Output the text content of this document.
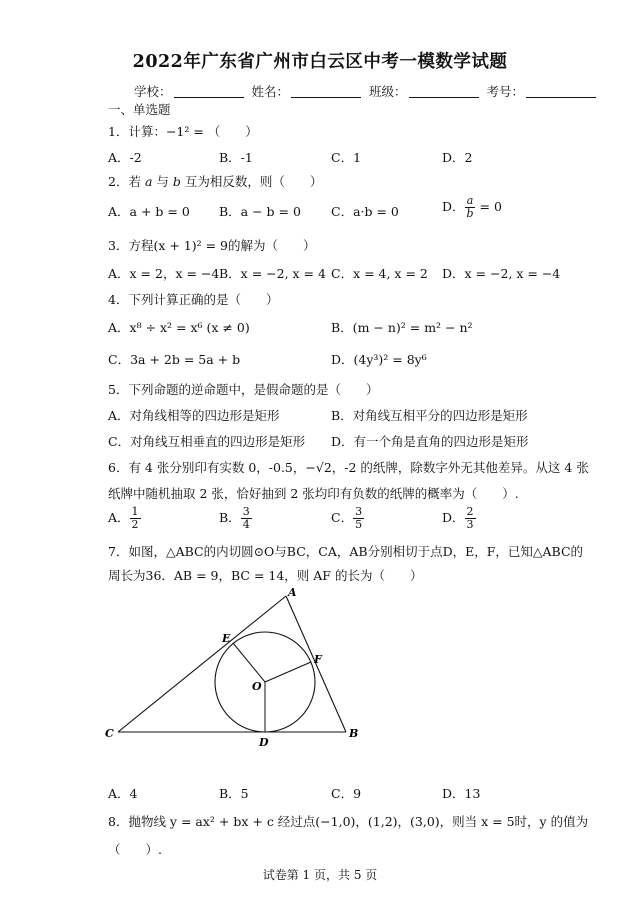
2022年广东省广州市白云区中考一模数学试题
学校：	姓名：	班级：	考号：
一、单选题
1．计算：−1² = （　　）
A．-2	B．-1	C．1	D．2
2．若 a 与 b 互为相反数，则（　　）
A．a + b = 0 B．a − b = 0 C．a·b = 0	D． $\frac{a}{b} = 0$
3．方程(x + 1)² = 9的解为（　　）
A．x = 2，x = −4 B．x = −2, x = 4 C．x = 4, x = 2 D．x = −2, x = −4
4．下列计算正确的是（　　）
A．x⁸ ÷ x² = x⁶ (x ≠ 0)	B．(m − n)² = m² − n²
C．3a + 2b = 5a + b	D．(4y³)² = 8y⁶
5．下列命题的逆命题中，是假命题的是（　　）
A．对角线相等的四边形是矩形	B．对角线互相平分的四边形是矩形
C．对角线互相垂直的四边形是矩形 D．有一个角是直角的四边形是矩形
6．有 4 张分别印有实数 0，-0.5，−√2，-2 的纸牌，除数字外无其他差异。从这 4 张
纸牌中随机抽取 2 张，恰好抽到 2 张均印有负数的纸牌的概率为（　　）.
A． $\frac{1}{2}$	B． $\frac{3}{4}$	C． $\frac{3}{5}$	D． $\frac{2}{3}$
7．如图，△ABC的内切圆⊙O与BC，CA，AB分别相切于点D，E，F，已知△ABC的
周长为36．AB = 9，BC = 14，则 AF 的长为（　　）
A
B
C
D
E
F
O
A．4	B．5	C．9	D．13
8．抛物线 y = ax² + bx + c 经过点(−1,0)，(1,2)，(3,0)，则当 x = 5时，y 的值为
（　　）.
试卷第 1 页，共 5 页
